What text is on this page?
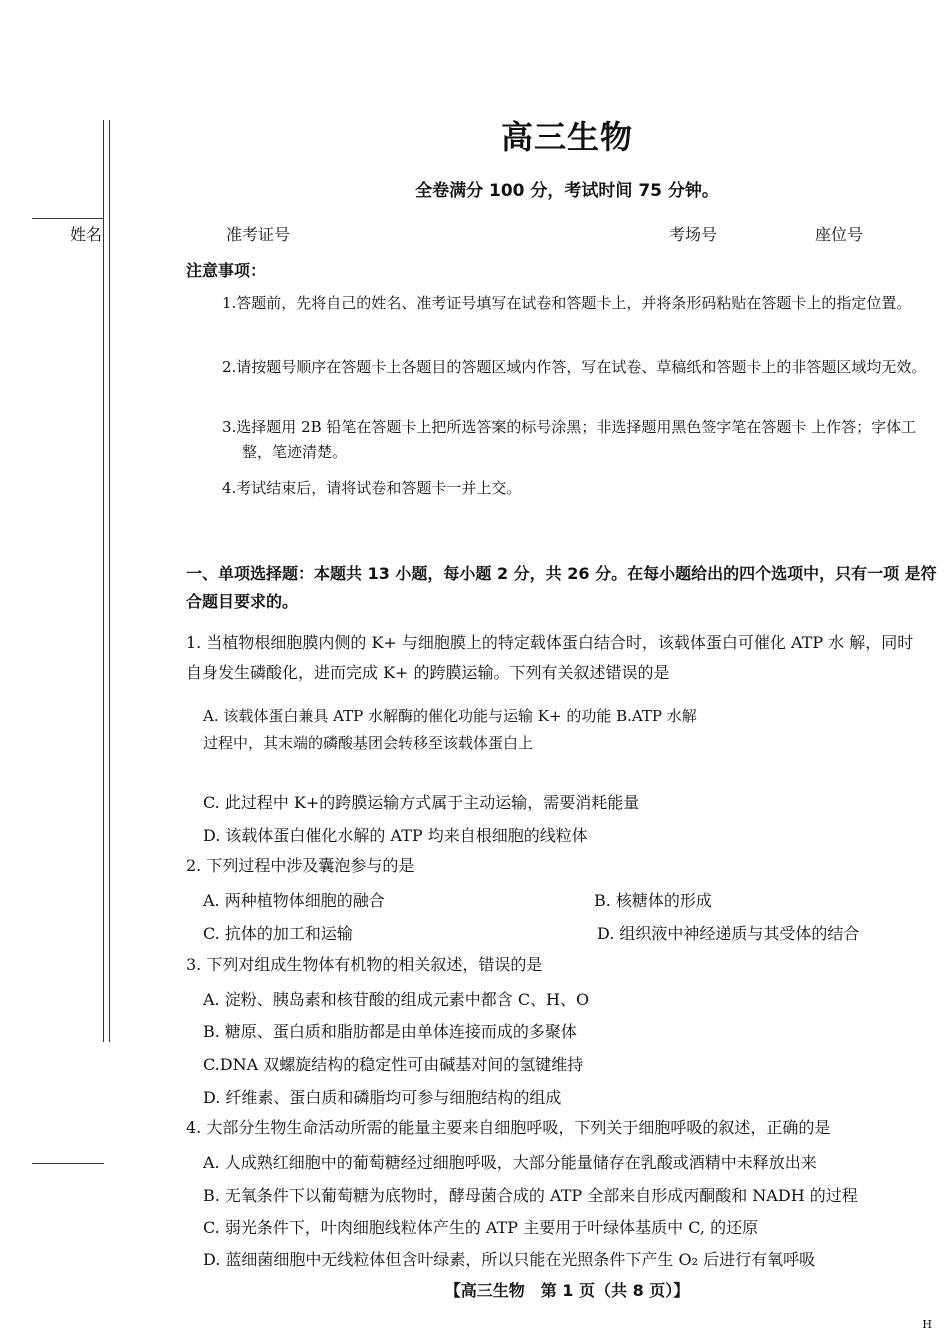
高三生物
全卷满分 100 分，考试时间 75 分钟。
姓名	准考证号	考场号	座位号
注意事项：
1.答题前，先将自己的姓名、准考证号填写在试卷和答题卡上，并将条形码粘贴在答题卡上的指定位置。
2.请按题号顺序在答题卡上各题目的答题区域内作答，写在试卷、草稿纸和答题卡上的非答题区域均无效。
3.选择题用 2B 铅笔在答题卡上把所选答案的标号涂黑；非选择题用黑色签字笔在答题卡 上作答；字体工整，笔迹清楚。
4.考试结束后，请将试卷和答题卡一并上交。
一、单项选择题：本题共 13 小题，每小题 2 分，共 26 分。在每小题给出的四个选项中，只有一项 是符合题目要求的。
1. 当植物根细胞膜内侧的 K+ 与细胞膜上的特定载体蛋白结合时，该载体蛋白可催化 ATP 水 解，同时自身发生磷酸化，进而完成 K+ 的跨膜运输。下列有关叙述错误的是
A. 该载体蛋白兼具 ATP 水解酶的催化功能与运输 K+ 的功能 B.ATP 水解过程中，其末端的磷酸基团会转移至该载体蛋白上
C. 此过程中 K+的跨膜运输方式属于主动运输，需要消耗能量
D. 该载体蛋白催化水解的 ATP 均来自根细胞的线粒体
2. 下列过程中涉及囊泡参与的是
A. 两种植物体细胞的融合	B. 核糖体的形成
C. 抗体的加工和运输	D. 组织液中神经递质与其受体的结合
3. 下列对组成生物体有机物的相关叙述，错误的是
A. 淀粉、胰岛素和核苷酸的组成元素中都含 C、H、O
B. 糖原、蛋白质和脂肪都是由单体连接而成的多聚体
C.DNA 双螺旋结构的稳定性可由碱基对间的氢键维持
D. 纤维素、蛋白质和磷脂均可参与细胞结构的组成
4. 大部分生物生命活动所需的能量主要来自细胞呼吸，下列关于细胞呼吸的叙述，正确的是
A. 人成熟红细胞中的葡萄糖经过细胞呼吸，大部分能量储存在乳酸或酒精中未释放出来
B. 无氧条件下以葡萄糖为底物时，酵母菌合成的 ATP 全部来自形成丙酮酸和 NADH 的过程
C. 弱光条件下，叶肉细胞线粒体产生的 ATP 主要用于叶绿体基质中 C, 的还原
D. 蓝细菌细胞中无线粒体但含叶绿素，所以只能在光照条件下产生 O₂ 后进行有氧呼吸
【高三生物　第 1 页（共 8 页）】
H
